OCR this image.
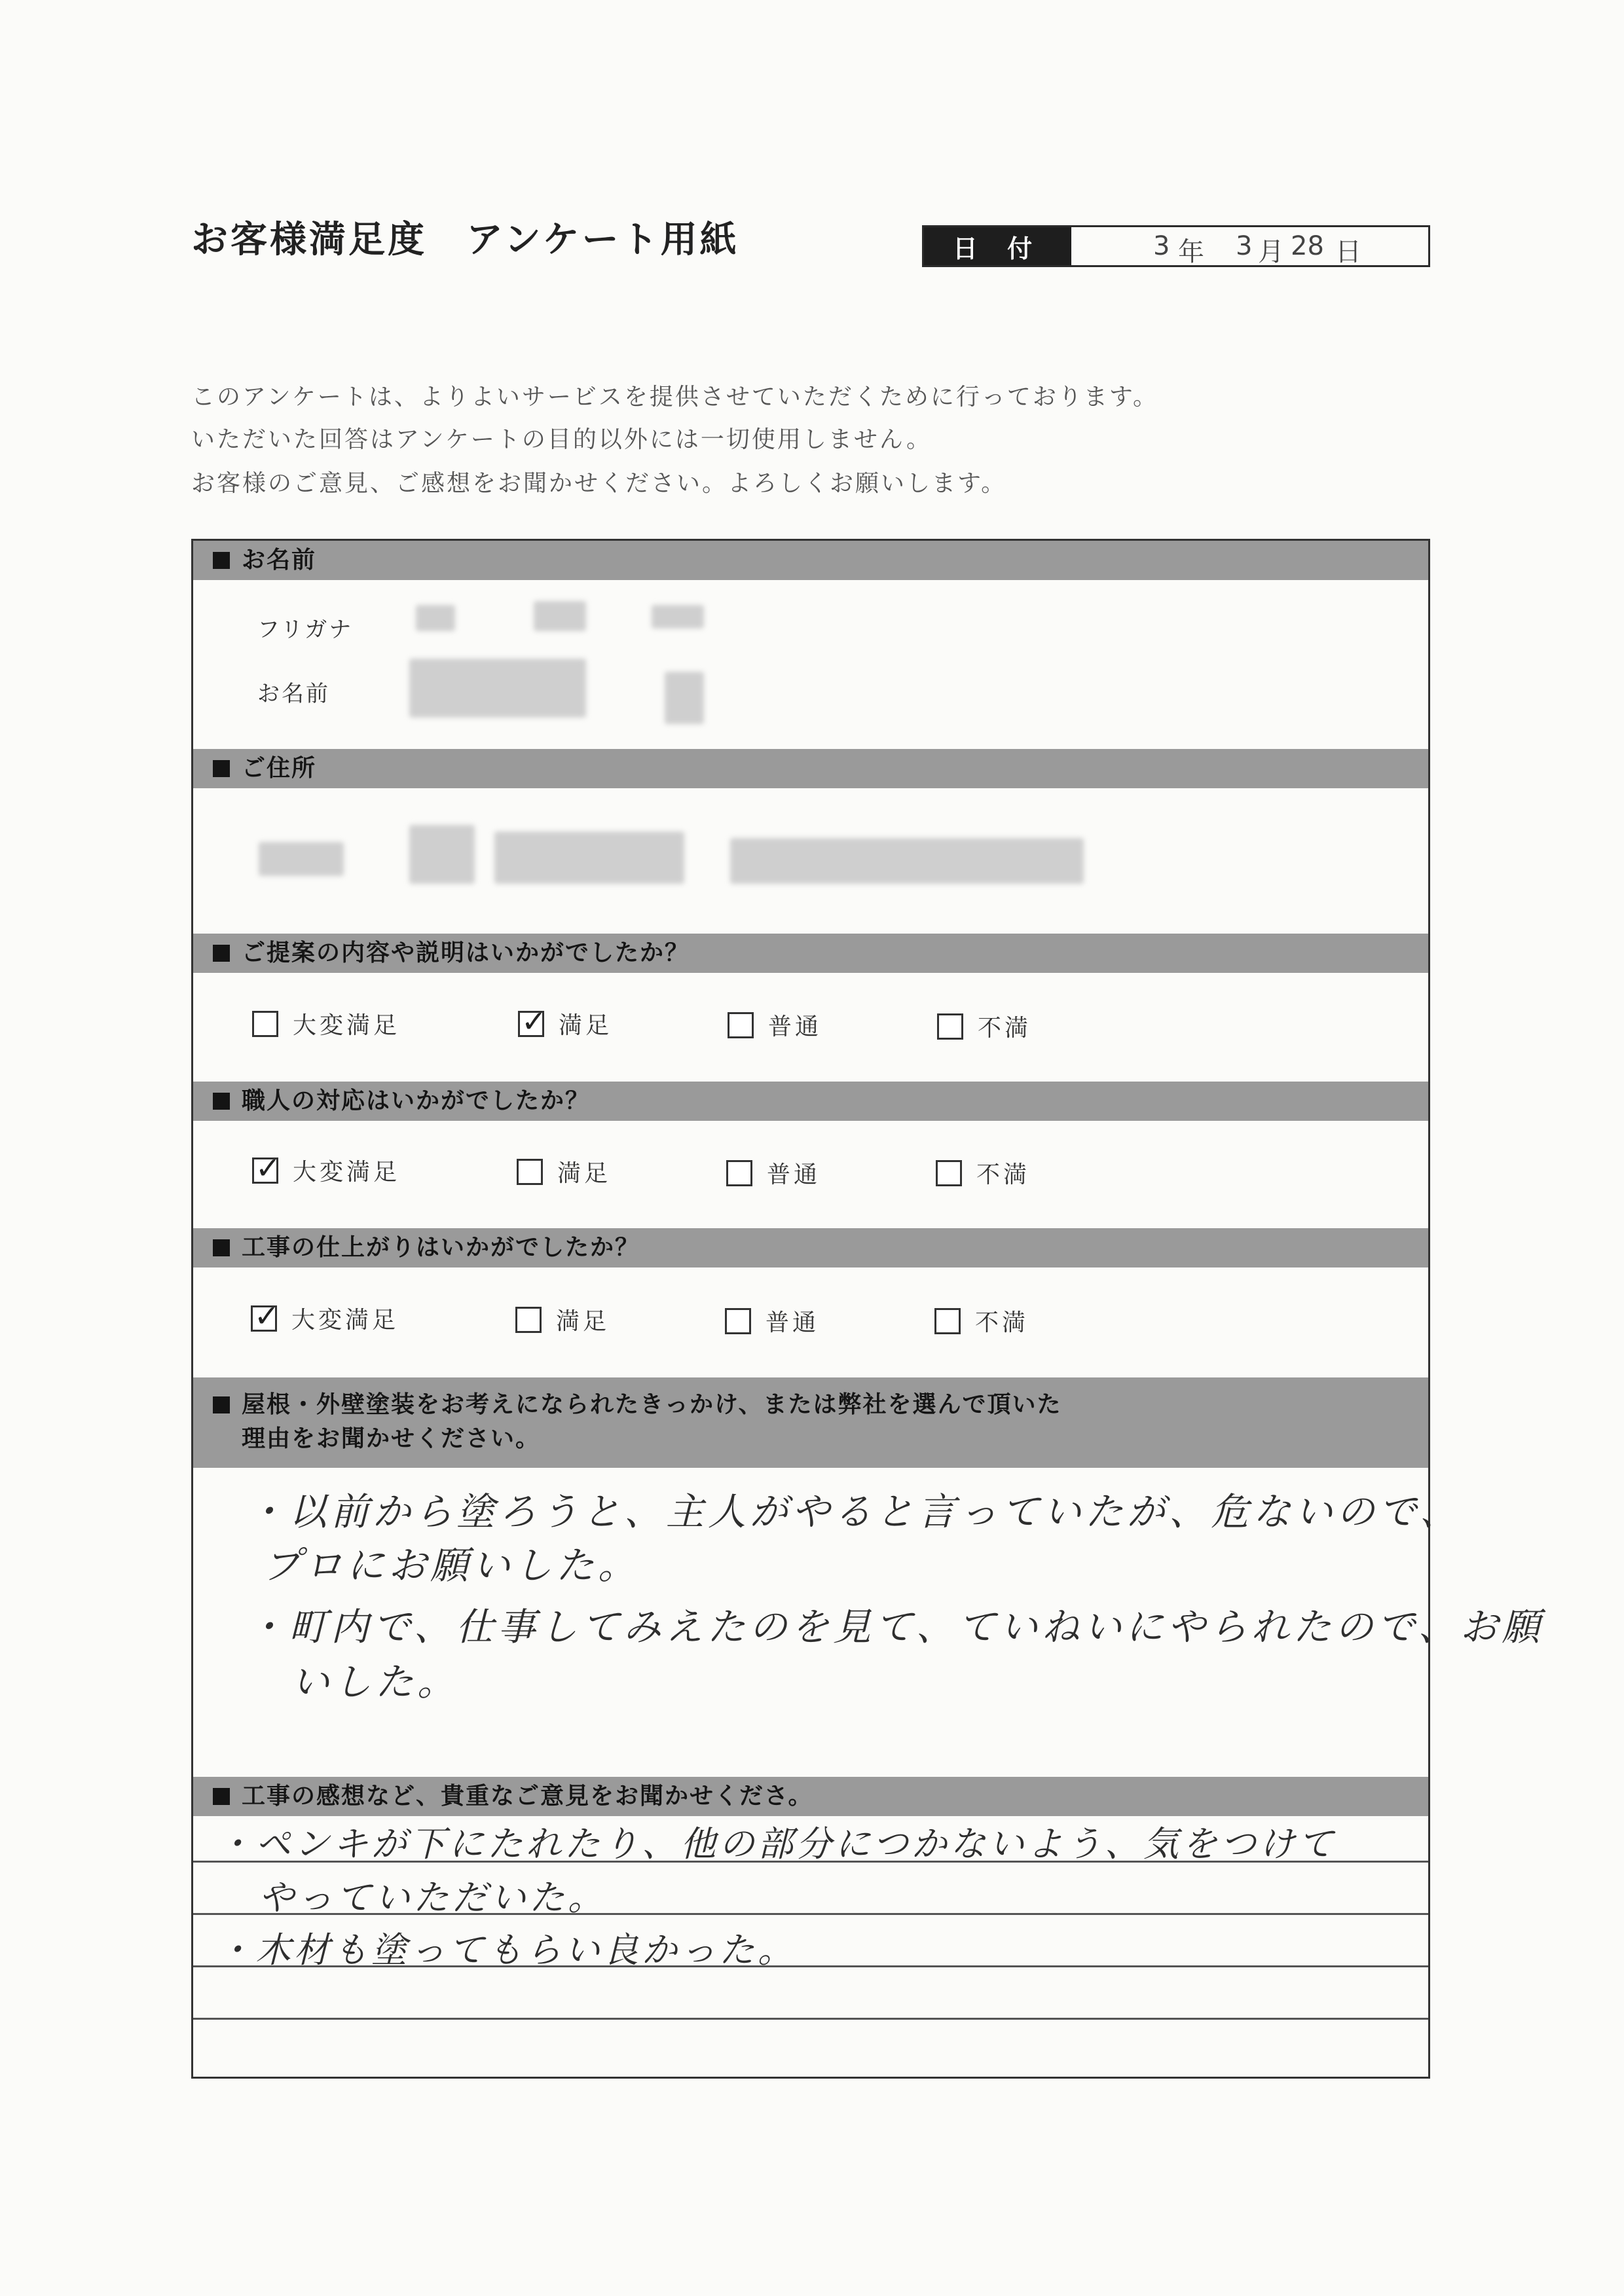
お客様満足度　アンケート用紙	日 付	3 年 3 月 28 日
このアンケートは、よりよいサービスを提供させていただくために行っております。
いただいた回答はアンケートの目的以外には一切使用しません。
お客様のご意見、ご感想をお聞かせください。よろしくお願いします。
お名前
フリガナ
お名前
ご住所
ご提案の内容や説明はいかがでしたか？
大変満足
✓	満足	普通	不満
職人の対応はいかがでしたか？
✓
大変満足	満足	普通	不満
工事の仕上がりはいかがでしたか？
✓
大変満足	満足	普通	不満
屋根・外壁塗装をお考えになられたきっかけ、または弊社を選んで頂いた
理由をお聞かせください。
・以前から塗ろうと、主人がやると言っていたが、危ないので、
プロにお願いした。
・町内で、仕事してみえたのを見て、ていねいにやられたので、お願
いした。
工事の感想など、貴重なご意見をお聞かせくださ。
・ペンキが下にたれたり、他の部分につかないよう、気をつけて
やっていただいた。
・木材も塗ってもらい良かった。
